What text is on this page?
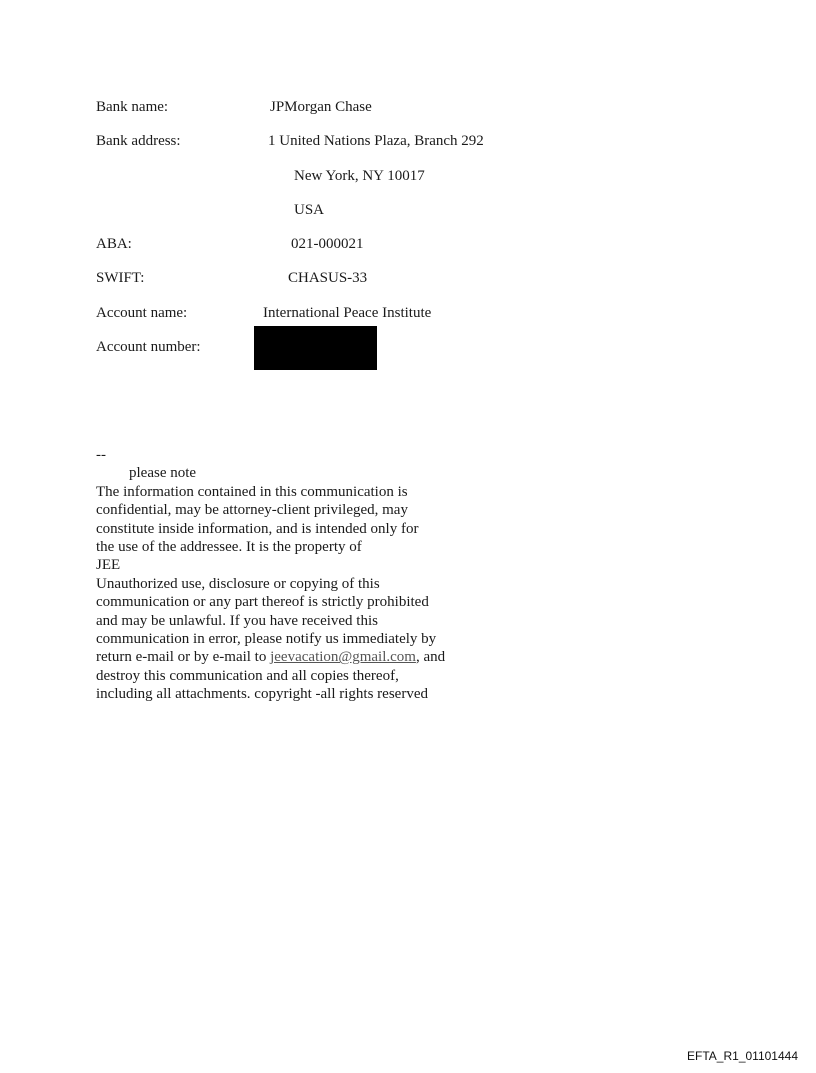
Bank name:	JPMorgan Chase
Bank address:	1 United Nations Plaza, Branch 292
New York, NY 10017
USA
ABA:	021-000021
SWIFT:	CHASUS-33
Account name:	International Peace Institute
Account number:
--
please note
The information contained in this communication is
confidential, may be attorney-client privileged, may
constitute inside information, and is intended only for
the use of the addressee. It is the property of
JEE
Unauthorized use, disclosure or copying of this
communication or any part thereof is strictly prohibited
and may be unlawful. If you have received this
communication in error, please notify us immediately by
return e-mail or by e-mail to jeevacation@gmail.com, and
destroy this communication and all copies thereof,
including all attachments. copyright -all rights reserved
EFTA_R1_01101444
